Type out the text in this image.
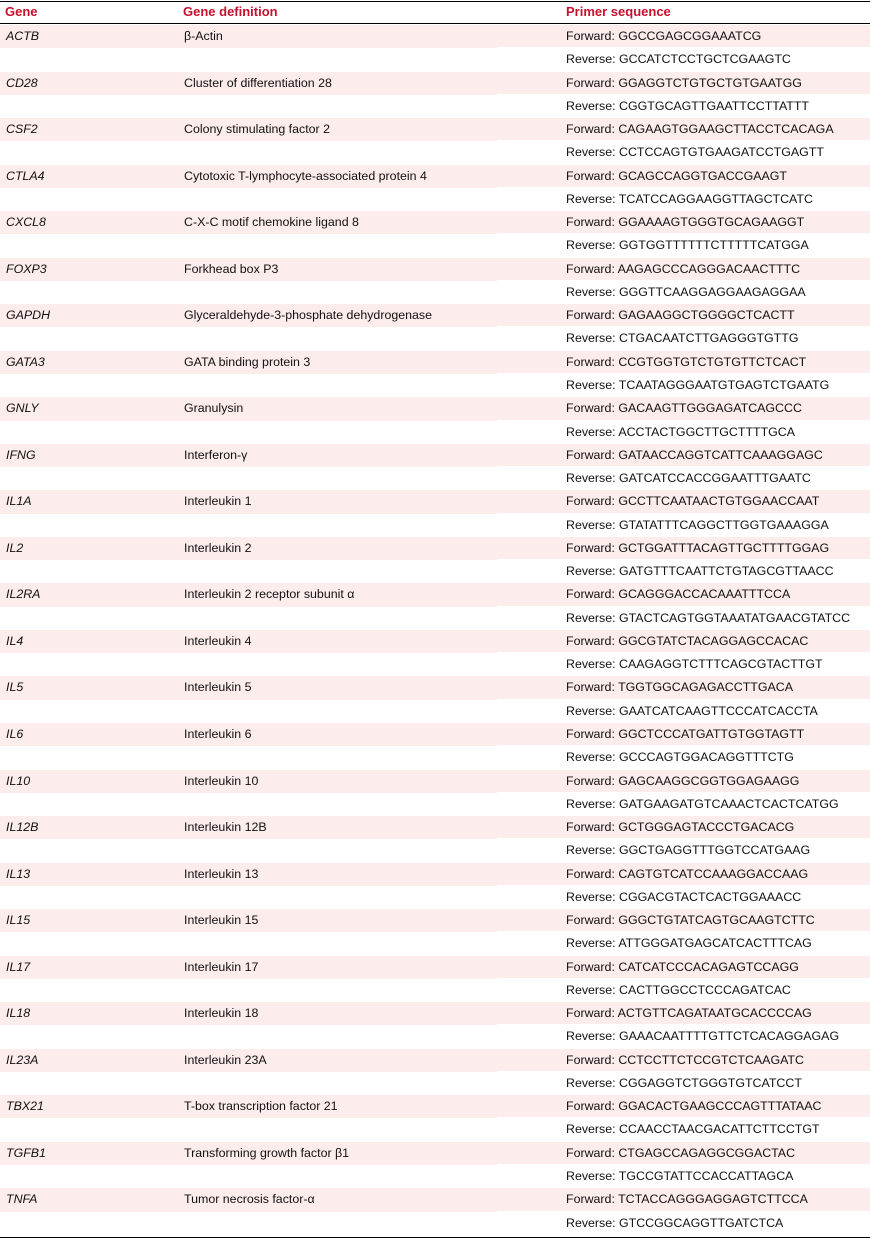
Gene	Gene definition	Primer sequence
ACTB	β-Actin	Forward: GGCCGAGCGGAAATCG
Reverse: GCCATCTCCTGCTCGAAGTC
CD28	Cluster of differentiation 28	Forward: GGAGGTCTGTGCTGTGAATGG
Reverse: CGGTGCAGTTGAATTCCTTATTT
CSF2	Colony stimulating factor 2	Forward: CAGAAGTGGAAGCTTACCTCACAGA
Reverse: CCTCCAGTGTGAAGATCCTGAGTT
CTLA4	Cytotoxic T-lymphocyte-associated protein 4	Forward: GCAGCCAGGTGACCGAAGT
Reverse: TCATCCAGGAAGGTTAGCTCATC
CXCL8	C-X-C motif chemokine ligand 8	Forward: GGAAAAGTGGGTGCAGAAGGT
Reverse: GGTGGTTTTTTCTTTTTCATGGA
FOXP3	Forkhead box P3	Forward: AAGAGCCCAGGGACAACTTTC
Reverse: GGGTTCAAGGAGGAAGAGGAA
GAPDH	Glyceraldehyde-3-phosphate dehydrogenase	Forward: GAGAAGGCTGGGGCTCACTT
Reverse: CTGACAATCTTGAGGGTGTTG
GATA3	GATA binding protein 3	Forward: CCGTGGTGTCTGTGTTCTCACT
Reverse: TCAATAGGGAATGTGAGTCTGAATG
GNLY	Granulysin	Forward: GACAAGTTGGGAGATCAGCCC
Reverse: ACCTACTGGCTTGCTTTTGCA
IFNG	Interferon-γ	Forward: GATAACCAGGTCATTCAAAGGAGC
Reverse: GATCATCCACCGGAATTTGAATC
IL1A	Interleukin 1	Forward: GCCTTCAATAACTGTGGAACCAAT
Reverse: GTATATTTCAGGCTTGGTGAAAGGA
IL2	Interleukin 2	Forward: GCTGGATTTACAGTTGCTTTTGGAG
Reverse: GATGTTTCAATTCTGTAGCGTTAACC
IL2RA	Interleukin 2 receptor subunit α	Forward: GCAGGGACCACAAATTTCCA
Reverse: GTACTCAGTGGTAAATATGAACGTATCC
IL4	Interleukin 4	Forward: GGCGTATCTACAGGAGCCACAC
Reverse: CAAGAGGTCTTTCAGCGTACTTGT
IL5	Interleukin 5	Forward: TGGTGGCAGAGACCTTGACA
Reverse: GAATCATCAAGTTCCCATCACCTA
IL6	Interleukin 6	Forward: GGCTCCCATGATTGTGGTAGTT
Reverse: GCCCAGTGGACAGGTTTCTG
IL10	Interleukin 10	Forward: GAGCAAGGCGGTGGAGAAGG
Reverse: GATGAAGATGTCAAACTCACTCATGG
IL12B	Interleukin 12B	Forward: GCTGGGAGTACCCTGACACG
Reverse: GGCTGAGGTTTGGTCCATGAAG
IL13	Interleukin 13	Forward: CAGTGTCATCCAAAGGACCAAG
Reverse: CGGACGTACTCACTGGAAACC
IL15	Interleukin 15	Forward: GGGCTGTATCAGTGCAAGTCTTC
Reverse: ATTGGGATGAGCATCACTTTCAG
IL17	Interleukin 17	Forward: CATCATCCCACAGAGTCCAGG
Reverse: CACTTGGCCTCCCAGATCAC
IL18	Interleukin 18	Forward: ACTGTTCAGATAATGCACCCCAG
Reverse: GAAACAATTTTGTTCTCACAGGAGAG
IL23A	Interleukin 23A	Forward: CCTCCTTCTCCGTCTCAAGATC
Reverse: CGGAGGTCTGGGTGTCATCCT
TBX21	T-box transcription factor 21	Forward: GGACACTGAAGCCCAGTTTATAAC
Reverse: CCAACCTAACGACATTCTTCCTGT
TGFB1	Transforming growth factor β1	Forward: CTGAGCCAGAGGCGGACTAC
Reverse: TGCCGTATTCCACCATTAGCA
TNFA	Tumor necrosis factor-α	Forward: TCTACCAGGGAGGAGTCTTCCA
Reverse: GTCCGGCAGGTTGATCTCA
